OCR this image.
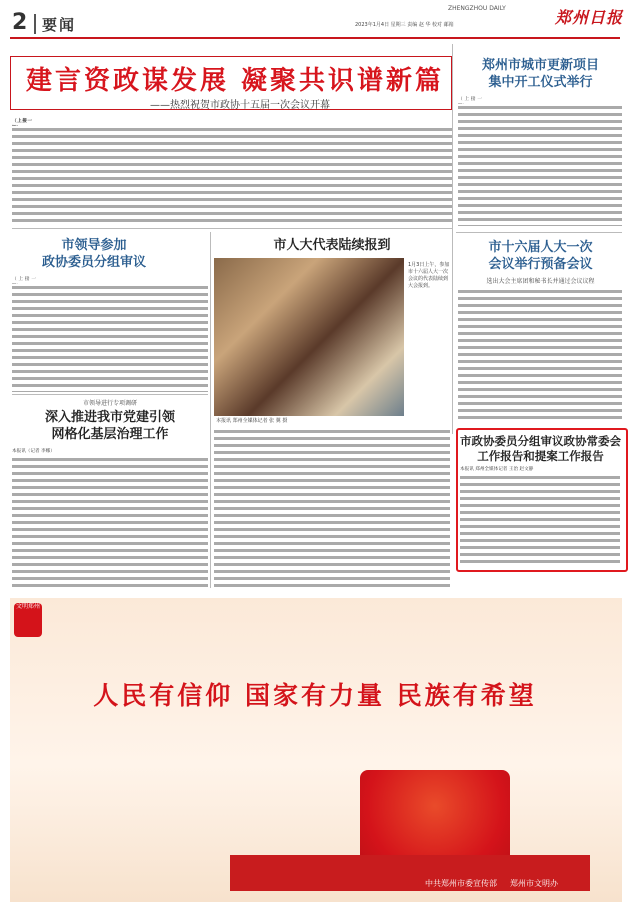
2 要闻
ZHENGZHOU DAILY	郑州日报
2023年1月4日 星期三 责编 赵 华 校对 邮箱
建言资政谋发展 凝聚共识谱新篇
——热烈祝贺市政协十五届一次会议开幕
（上接一
郑州市城市更新项目
集中开工仪式举行
（上接一
市十六届人大一次
会议举行预备会议
选出大会主席团和秘书长并通过会议议程
市领导参加
政协委员分组审议
（上接一
市人大代表陆续报到
1月3日上午，参加市十六届人大一次会议的代表陆续到大会报到。
本报讯 郑州全媒体记者 张 翼 摄
市领导进行专项调研
深入推进我市党建引领
网格化基层治理工作
本报讯（记者 李娜）
市政协委员分组审议政协常委会
工作报告和提案工作报告
本报讯 郑州全媒体记者 王治 赵文静
文明郑州
人民有信仰 国家有力量 民族有希望
中共郑州市委宣传部 郑州市文明办
